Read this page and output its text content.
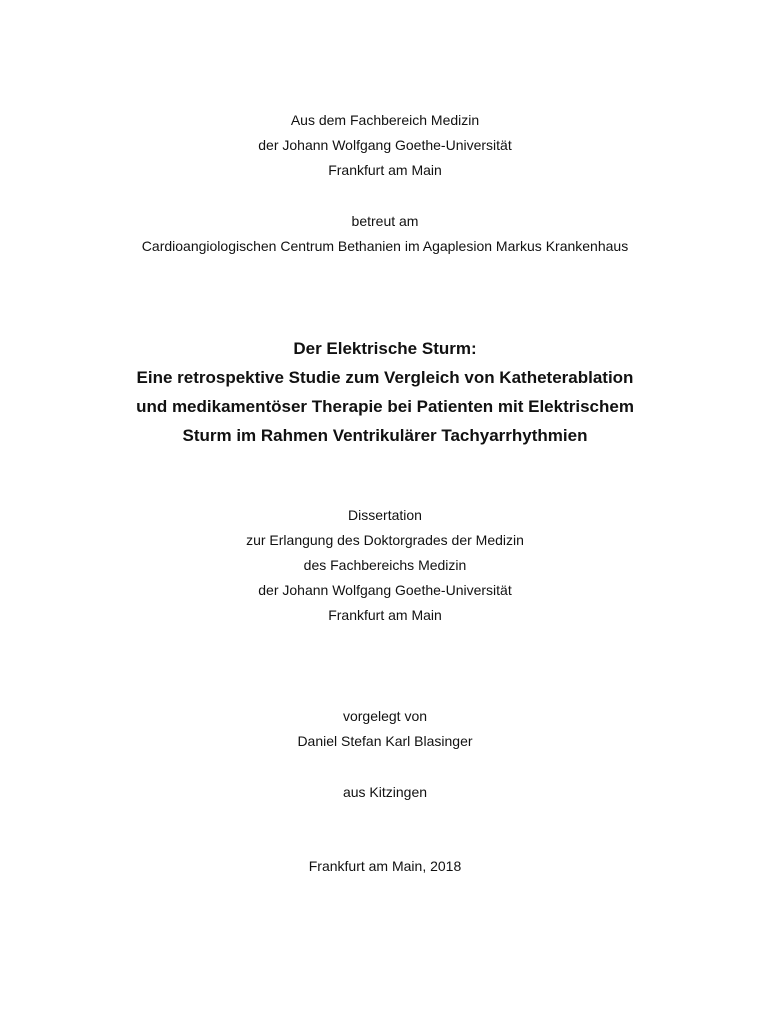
Aus dem Fachbereich Medizin
der Johann Wolfgang Goethe-Universität
Frankfurt am Main
betreut am
Cardioangiologischen Centrum Bethanien im Agaplesion Markus Krankenhaus
Der Elektrische Sturm:
Eine retrospektive Studie zum Vergleich von Katheterablation
und medikamentöser Therapie bei Patienten mit Elektrischem
Sturm im Rahmen Ventrikulärer Tachyarrhythmien
Dissertation
zur Erlangung des Doktorgrades der Medizin
des Fachbereichs Medizin
der Johann Wolfgang Goethe-Universität
Frankfurt am Main
vorgelegt von
Daniel Stefan Karl Blasinger
aus Kitzingen
Frankfurt am Main, 2018
